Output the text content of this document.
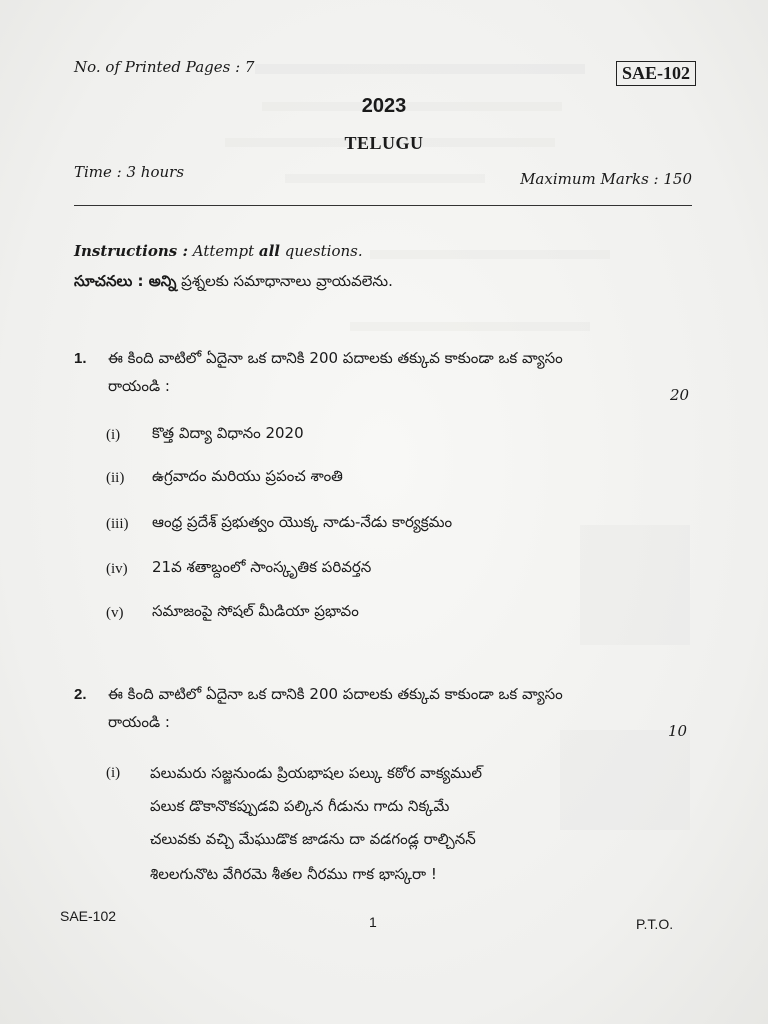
No. of Printed Pages : 7	SAE-102
2023
TELUGU
Time : 3 hours	Maximum Marks : 150
Instructions : Attempt all questions.
సూచనలు : అన్ని ప్రశ్నలకు సమాధానాలు వ్రాయవలెను.
1. ఈ కింది వాటిలో ఏదైనా ఒక దానికి 200 పదాలకు తక్కువ కాకుండా ఒక వ్యాసం
రాయండి :	20
(i) కొత్త విద్యా విధానం 2020
(ii) ఉగ్రవాదం మరియు ప్రపంచ శాంతి
(iii) ఆంధ్ర ప్రదేశ్ ప్రభుత్వం యొక్క నాడు-నేడు కార్యక్రమం
(iv) 21వ శతాబ్దంలో సాంస్కృతిక పరివర్తన
(v) సమాజంపై సోషల్ మీడియా ప్రభావం
2. ఈ కింది వాటిలో ఏదైనా ఒక దానికి 200 పదాలకు తక్కువ కాకుండా ఒక వ్యాసం
రాయండి :	10
(i) పలుమరు సజ్జనుండు ప్రియభాషల పల్కు కఠోర వాక్యముల్
పలుక డొకానొకప్పుడవి పల్కిన గీడును గాదు నిక్కమే
చలువకు వచ్చి మేఘుడొక జాడను దా వడగండ్ల రాల్చినన్
శిలలగునొట వేగిరమె శీతల నీరము గాక భాస్కరా !
SAE-102	1	P.T.O.
